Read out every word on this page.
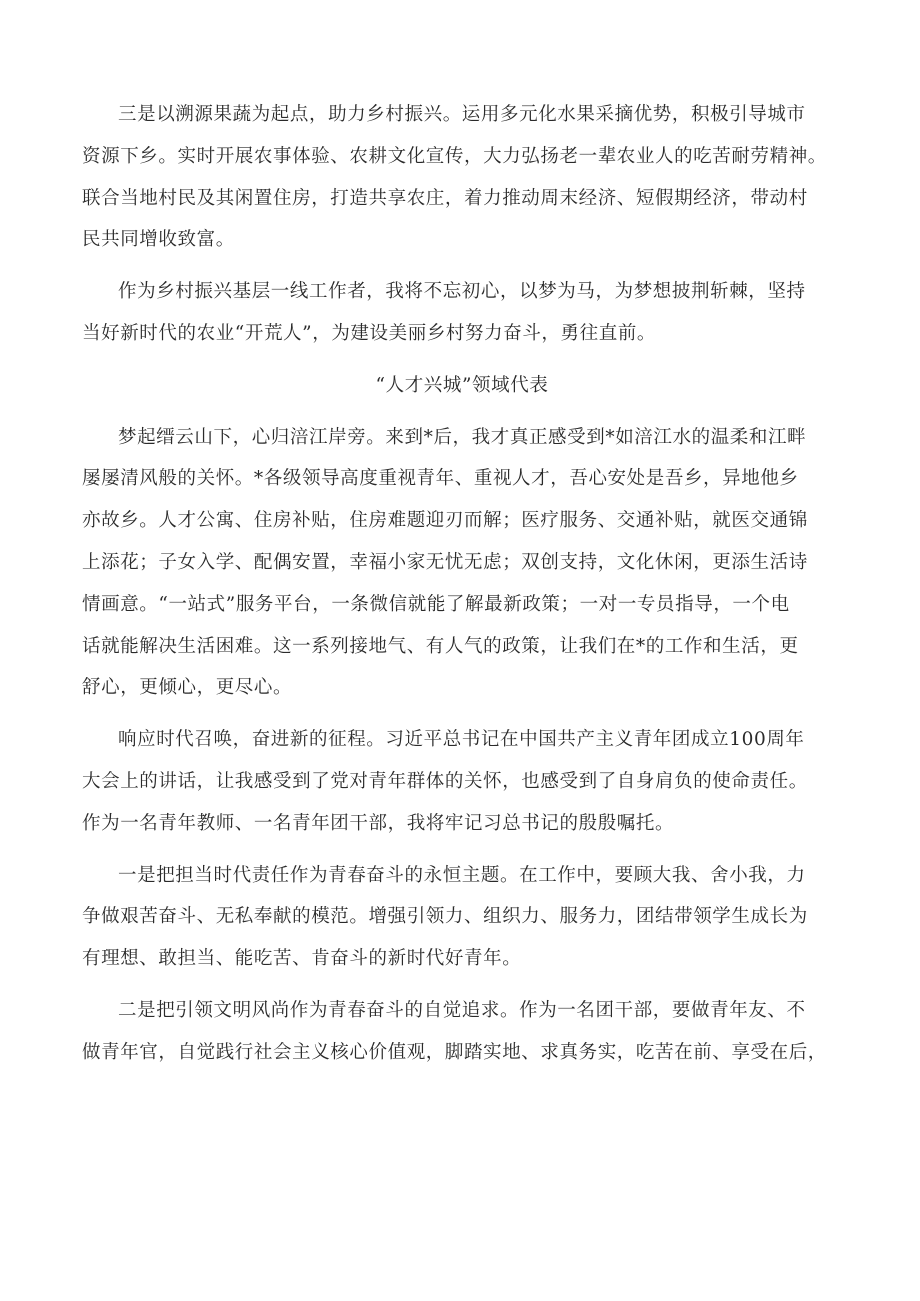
三是以溯源果蔬为起点，助力乡村振兴。运用多元化水果采摘优势，积极引导城市
资源下乡。实时开展农事体验、农耕文化宣传，大力弘扬老一辈农业人的吃苦耐劳精神。
联合当地村民及其闲置住房，打造共享农庄，着力推动周末经济、短假期经济，带动村
民共同增收致富。
作为乡村振兴基层一线工作者，我将不忘初心，以梦为马，为梦想披荆斩棘，坚持
当好新时代的农业“开荒人”，为建设美丽乡村努力奋斗，勇往直前。
“人才兴城”领域代表
梦起缙云山下，心归涪江岸旁。来到*后，我才真正感受到*如涪江水的温柔和江畔
屡屡清风般的关怀。*各级领导高度重视青年、重视人才，吾心安处是吾乡，异地他乡
亦故乡。人才公寓、住房补贴，住房难题迎刃而解；医疗服务、交通补贴，就医交通锦
上添花；子女入学、配偶安置，幸福小家无忧无虑；双创支持，文化休闲，更添生活诗
情画意。“一站式”服务平台，一条微信就能了解最新政策；一对一专员指导，一个电
话就能解决生活困难。这一系列接地气、有人气的政策，让我们在*的工作和生活，更
舒心，更倾心，更尽心。
响应时代召唤，奋进新的征程。习近平总书记在中国共产主义青年团成立100周年
大会上的讲话，让我感受到了党对青年群体的关怀，也感受到了自身肩负的使命责任。
作为一名青年教师、一名青年团干部，我将牢记习总书记的殷殷嘱托。
一是把担当时代责任作为青春奋斗的永恒主题。在工作中，要顾大我、舍小我，力
争做艰苦奋斗、无私奉献的模范。增强引领力、组织力、服务力，团结带领学生成长为
有理想、敢担当、能吃苦、肯奋斗的新时代好青年。
二是把引领文明风尚作为青春奋斗的自觉追求。作为一名团干部，要做青年友、不
做青年官，自觉践行社会主义核心价值观，脚踏实地、求真务实，吃苦在前、享受在后，
